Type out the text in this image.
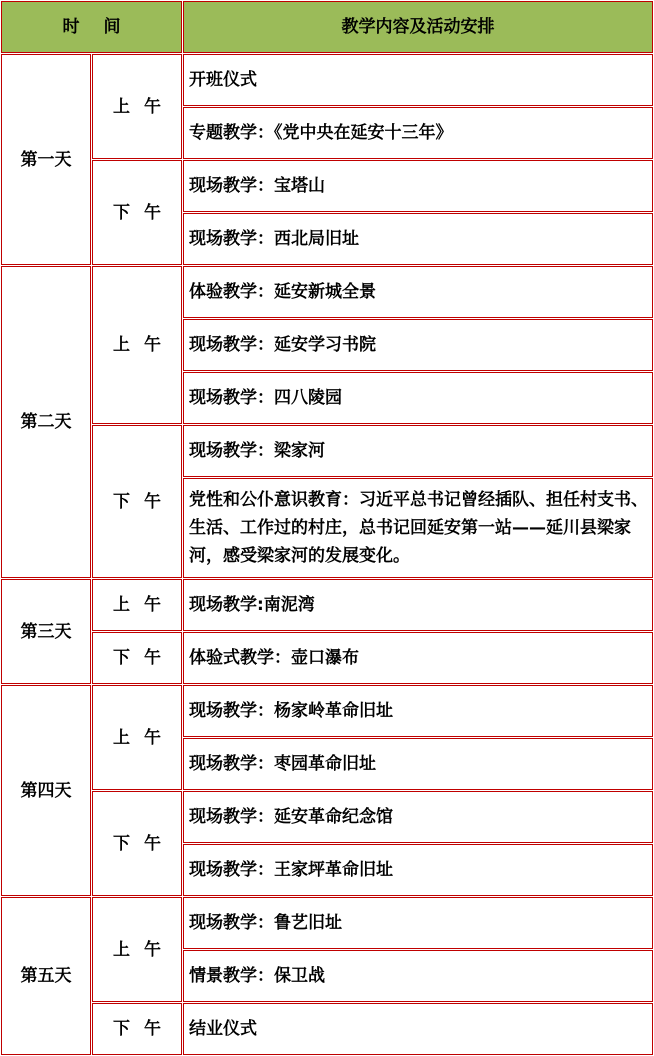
时间	教学内容及活动安排
第一天
上午
开班仪式
专题教学：《党中央在延安十三年》
下午
现场教学：宝塔山
现场教学：西北局旧址
第二天
上午
体验教学：延安新城全景
现场教学：延安学习书院
现场教学：四八陵园
下午
现场教学：梁家河
党性和公仆意识教育：习近平总书记曾经插队、担任村支书、生活、工作过的村庄，总书记回延安第一站——延川县梁家河，感受梁家河的发展变化。
第三天
上午 现场教学:南泥湾
下午 体验式教学：壶口瀑布
第四天
上午
现场教学：杨家岭革命旧址
现场教学：枣园革命旧址
下午
现场教学：延安革命纪念馆
现场教学：王家坪革命旧址
第五天
上午
现场教学：鲁艺旧址
情景教学：保卫战
下午 结业仪式
